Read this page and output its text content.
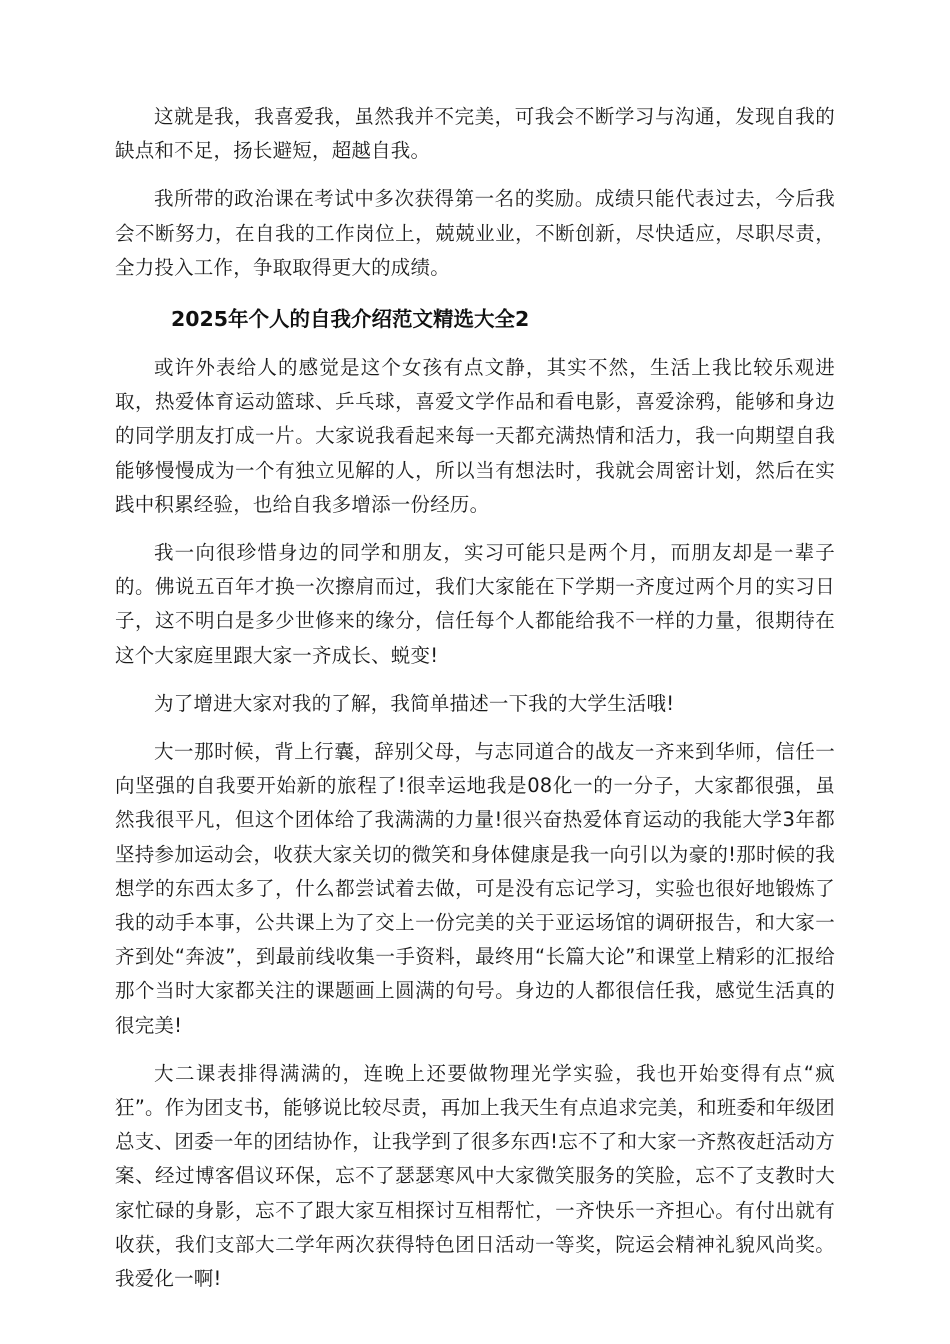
这就是我，我喜爱我，虽然我并不完美，可我会不断学习与沟通，发现自我的缺点和不足，扬长避短，超越自我。

我所带的政治课在考试中多次获得第一名的奖励。成绩只能代表过去，今后我会不断努力，在自我的工作岗位上，兢兢业业，不断创新，尽快适应，尽职尽责，全力投入工作，争取取得更大的成绩。

2025年个人的自我介绍范文精选大全2

或许外表给人的感觉是这个女孩有点文静，其实不然，生活上我比较乐观进取，热爱体育运动篮球、乒乓球，喜爱文学作品和看电影，喜爱涂鸦，能够和身边的同学朋友打成一片。大家说我看起来每一天都充满热情和活力，我一向期望自我能够慢慢成为一个有独立见解的人，所以当有想法时，我就会周密计划，然后在实践中积累经验，也给自我多增添一份经历。

我一向很珍惜身边的同学和朋友，实习可能只是两个月，而朋友却是一辈子的。佛说五百年才换一次擦肩而过，我们大家能在下学期一齐度过两个月的实习日子，这不明白是多少世修来的缘分，信任每个人都能给我不一样的力量，很期待在这个大家庭里跟大家一齐成长、蜕变!

为了增进大家对我的了解，我简单描述一下我的大学生活哦!

大一那时候，背上行囊，辞别父母，与志同道合的战友一齐来到华师，信任一向坚强的自我要开始新的旅程了!很幸运地我是08化一的一分子，大家都很强，虽然我很平凡，但这个团体给了我满满的力量!很兴奋热爱体育运动的我能大学3年都坚持参加运动会，收获大家关切的微笑和身体健康是我一向引以为豪的!那时候的我想学的东西太多了，什么都尝试着去做，可是没有忘记学习，实验也很好地锻炼了我的动手本事，公共课上为了交上一份完美的关于亚运场馆的调研报告，和大家一齐到处“奔波”，到最前线收集一手资料，最终用“长篇大论”和课堂上精彩的汇报给那个当时大家都关注的课题画上圆满的句号。身边的人都很信任我，感觉生活真的很完美!

大二课表排得满满的，连晚上还要做物理光学实验，我也开始变得有点“疯狂”。作为团支书，能够说比较尽责，再加上我天生有点追求完美，和班委和年级团总支、团委一年的团结协作，让我学到了很多东西!忘不了和大家一齐熬夜赶活动方案、经过博客倡议环保，忘不了瑟瑟寒风中大家微笑服务的笑脸，忘不了支教时大家忙碌的身影，忘不了跟大家互相探讨互相帮忙，一齐快乐一齐担心。有付出就有收获，我们支部大二学年两次获得特色团日活动一等奖，院运会精神礼貌风尚奖。我爱化一啊!
